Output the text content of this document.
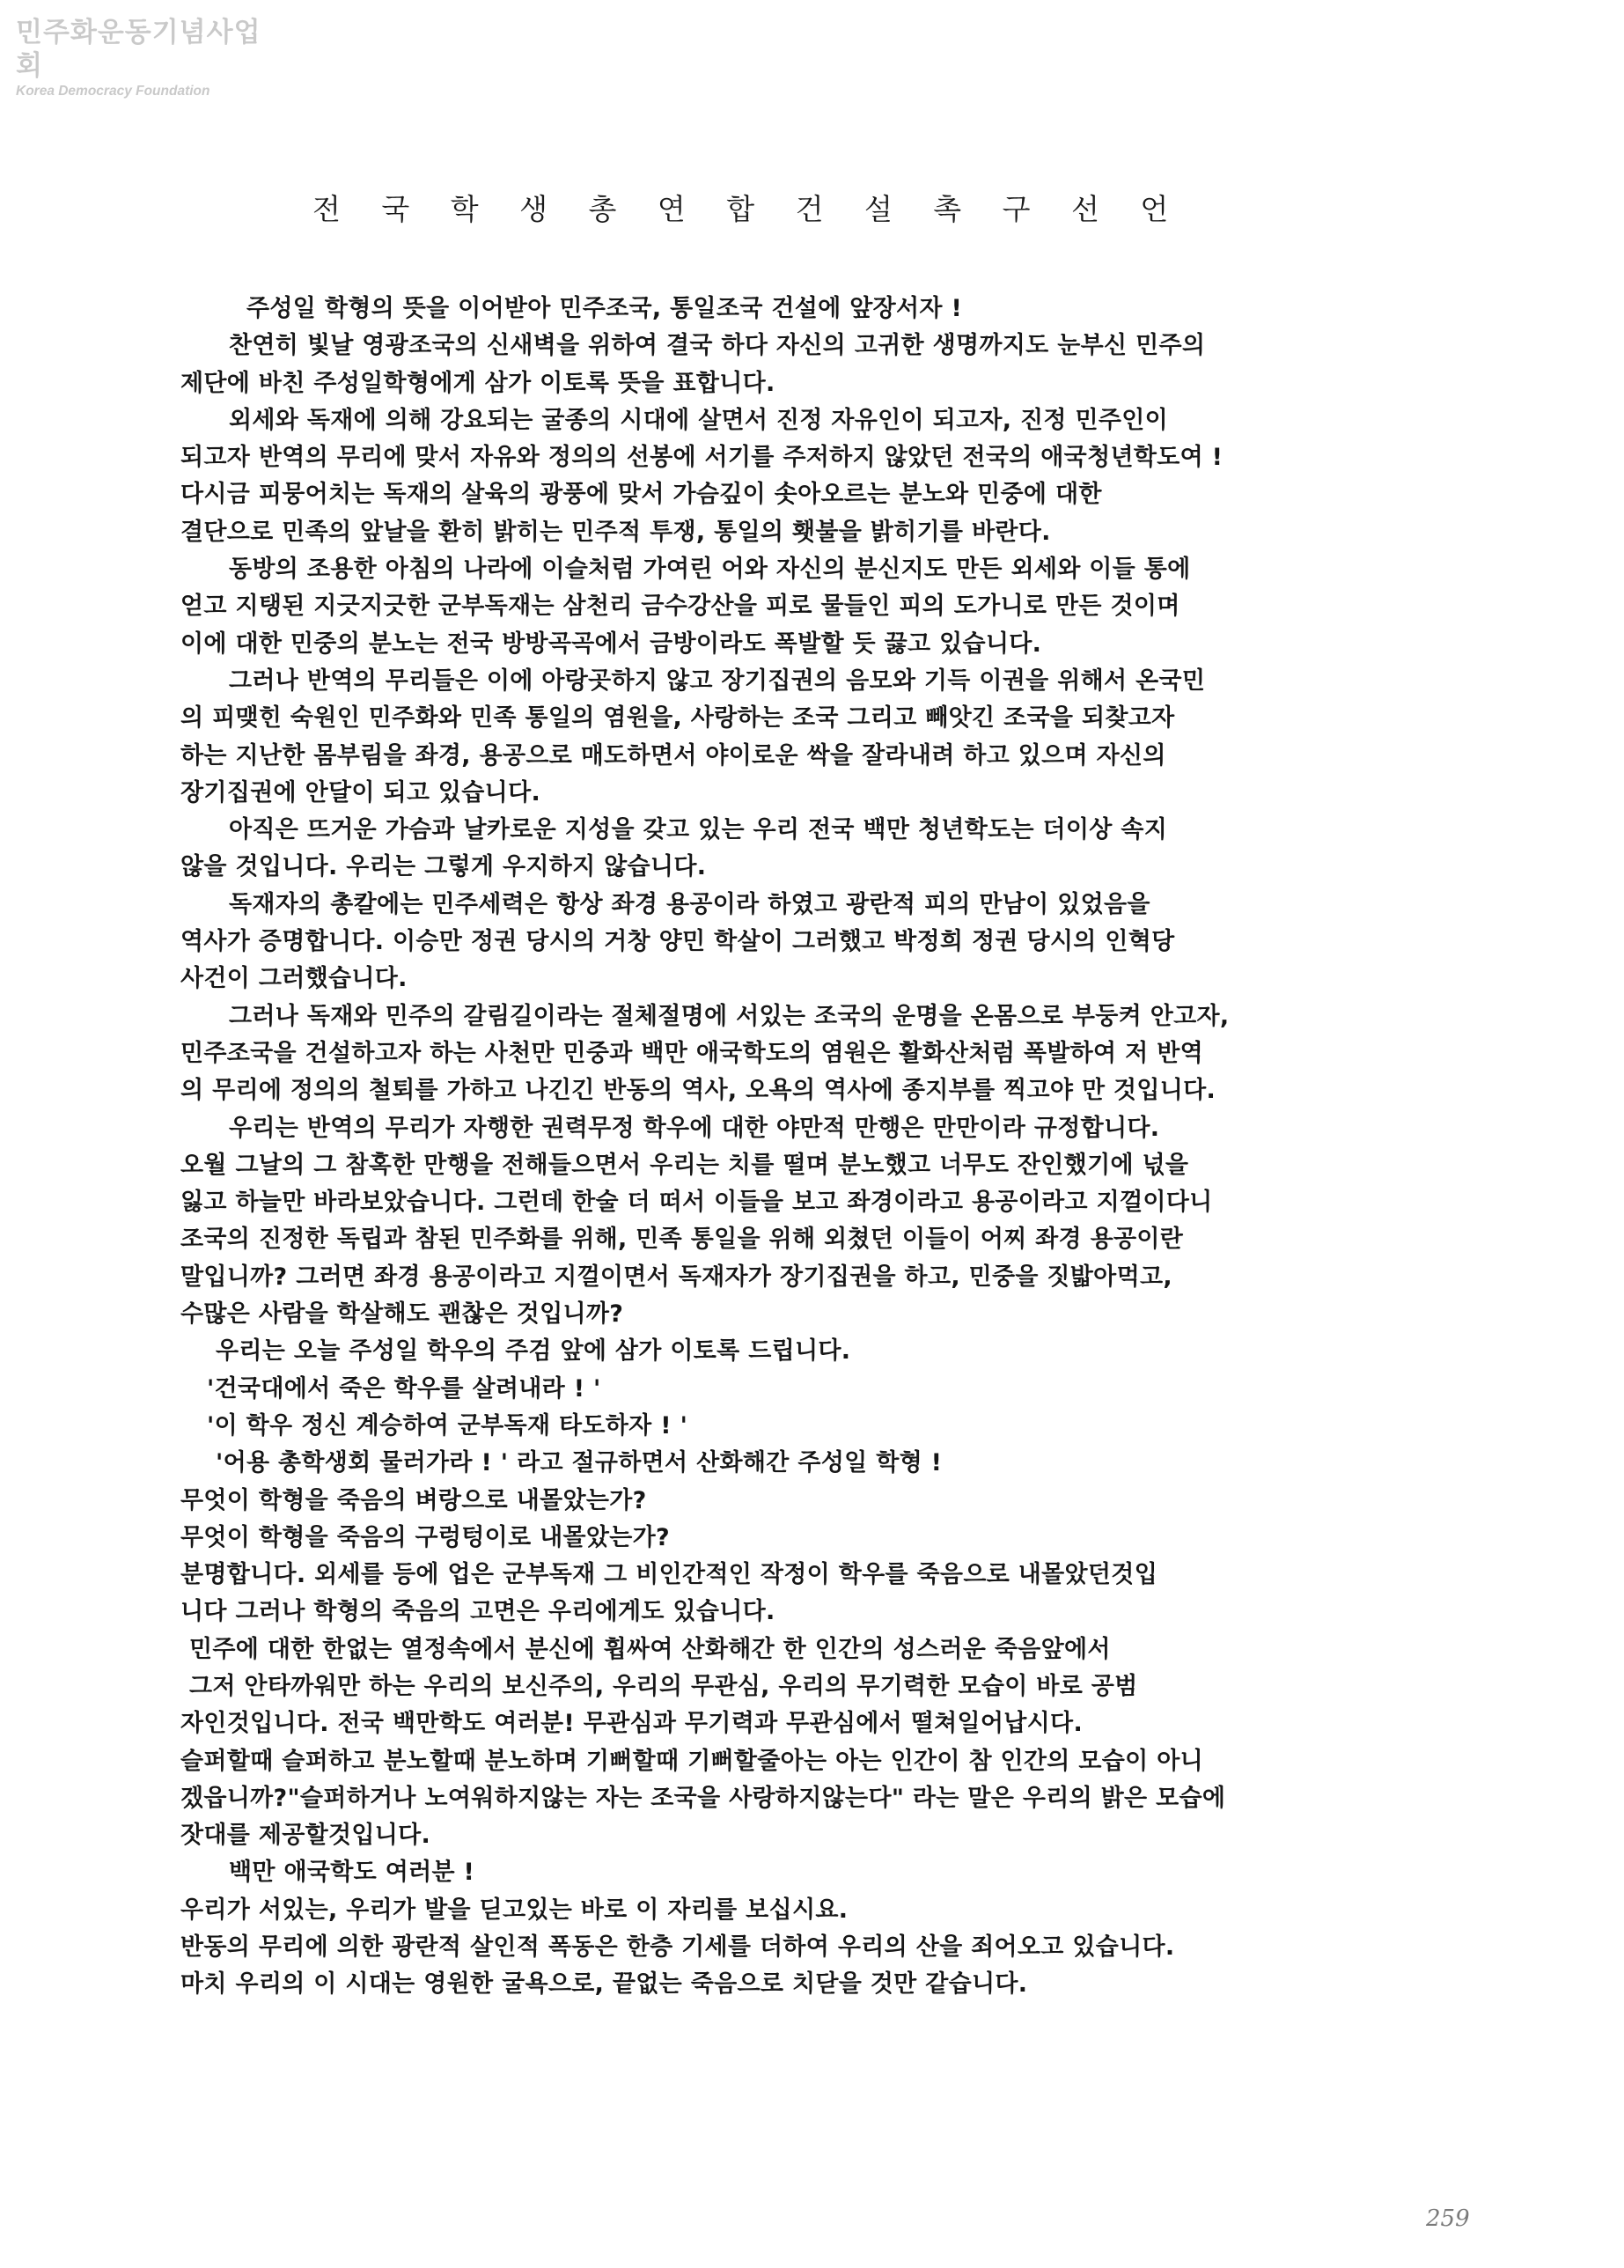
민주화운동기념사업회
Korea Democracy Foundation
전 국 학 생 총 연 합 건 설 촉 구 선 언
주성일 학형의 뜻을 이어받아 민주조국, 통일조국 건설에 앞장서자 !
찬연히 빛날 영광조국의 신새벽을 위하여 결국 하다 자신의 고귀한 생명까지도 눈부신 민주의
제단에 바친 주성일학형에게 삼가 이토록 뜻을 표합니다.
외세와 독재에 의해 강요되는 굴종의 시대에 살면서 진정 자유인이 되고자, 진정 민주인이
되고자 반역의 무리에 맞서 자유와 정의의 선봉에 서기를 주저하지 않았던 전국의 애국청년학도여 !
다시금 피뭉어치는 독재의 살육의 광풍에 맞서 가슴깊이 솟아오르는 분노와 민중에 대한
결단으로 민족의 앞날을 환히 밝히는 민주적 투쟁, 통일의 횃불을 밝히기를 바란다.
동방의 조용한 아침의 나라에 이슬처럼 가여린 어와 자신의 분신지도 만든 외세와 이들 통에
얻고 지탱된 지긋지긋한 군부독재는 삼천리 금수강산을 피로 물들인 피의 도가니로 만든 것이며
이에 대한 민중의 분노는 전국 방방곡곡에서 금방이라도 폭발할 듯 끓고 있습니다.
그러나 반역의 무리들은 이에 아랑곳하지 않고 장기집권의 음모와 기득 이권을 위해서 온국민
의 피맺힌 숙원인 민주화와 민족 통일의 염원을, 사랑하는 조국 그리고 빼앗긴 조국을 되찾고자
하는 지난한 몸부림을 좌경, 용공으로 매도하면서 야이로운 싹을 잘라내려 하고 있으며 자신의
장기집권에 안달이 되고 있습니다.
아직은 뜨거운 가슴과 날카로운 지성을 갖고 있는 우리 전국 백만 청년학도는 더이상 속지
않을 것입니다. 우리는 그렇게 우지하지 않습니다.
독재자의 총칼에는 민주세력은 항상 좌경 용공이라 하였고 광란적 피의 만남이 있었음을
역사가 증명합니다. 이승만 정권 당시의 거창 양민 학살이 그러했고 박정희 정권 당시의 인혁당
사건이 그러했습니다.
그러나 독재와 민주의 갈림길이라는 절체절명에 서있는 조국의 운명을 온몸으로 부둥켜 안고자,
민주조국을 건설하고자 하는 사천만 민중과 백만 애국학도의 염원은 활화산처럼 폭발하여 저 반역
의 무리에 정의의 철퇴를 가하고 나긴긴 반동의 역사, 오욕의 역사에 종지부를 찍고야 만 것입니다.
우리는 반역의 무리가 자행한 권력무정 학우에 대한 야만적 만행은 만만이라 규정합니다.
오월 그날의 그 참혹한 만행을 전해들으면서 우리는 치를 떨며 분노했고 너무도 잔인했기에 넋을
잃고 하늘만 바라보았습니다. 그런데 한술 더 떠서 이들을 보고 좌경이라고 용공이라고 지껄이다니
조국의 진정한 독립과 참된 민주화를 위해, 민족 통일을 위해 외쳤던 이들이 어찌 좌경 용공이란
말입니까? 그러면 좌경 용공이라고 지껄이면서 독재자가 장기집권을 하고, 민중을 짓밟아먹고,
수많은 사람을 학살해도 괜찮은 것입니까?
우리는 오늘 주성일 학우의 주검 앞에 삼가 이토록 드립니다.
'건국대에서 죽은 학우를 살려내라 ! '
'이 학우 정신 계승하여 군부독재 타도하자 ! '
'어용 총학생회 물러가라 ! ' 라고 절규하면서 산화해간 주성일 학형 !
무엇이 학형을 죽음의 벼랑으로 내몰았는가?
무엇이 학형을 죽음의 구렁텅이로 내몰았는가?
분명합니다. 외세를 등에 업은 군부독재 그 비인간적인 작정이 학우를 죽음으로 내몰았던것입
니다 그러나 학형의 죽음의 고면은 우리에게도 있습니다.
민주에 대한 한없는 열정속에서 분신에 휩싸여 산화해간 한 인간의 성스러운 죽음앞에서
그저 안타까워만 하는 우리의 보신주의, 우리의 무관심, 우리의 무기력한 모습이 바로 공범
자인것입니다. 전국 백만학도 여러분! 무관심과 무기력과 무관심에서 떨쳐일어납시다.
슬퍼할때 슬퍼하고 분노할때 분노하며 기뻐할때 기뻐할줄아는 아는 인간이 참 인간의 모습이 아니
겠읍니까?"슬퍼하거나 노여워하지않는 자는 조국을 사랑하지않는다" 라는 말은 우리의 밝은 모습에
잣대를 제공할것입니다.
백만 애국학도 여러분 !
우리가 서있는, 우리가 발을 딛고있는 바로 이 자리를 보십시요.
반동의 무리에 의한 광란적 살인적 폭동은 한층 기세를 더하여 우리의 산을 죄어오고 있습니다.
마치 우리의 이 시대는 영원한 굴욕으로, 끝없는 죽음으로 치닫을 것만 같습니다.
259
